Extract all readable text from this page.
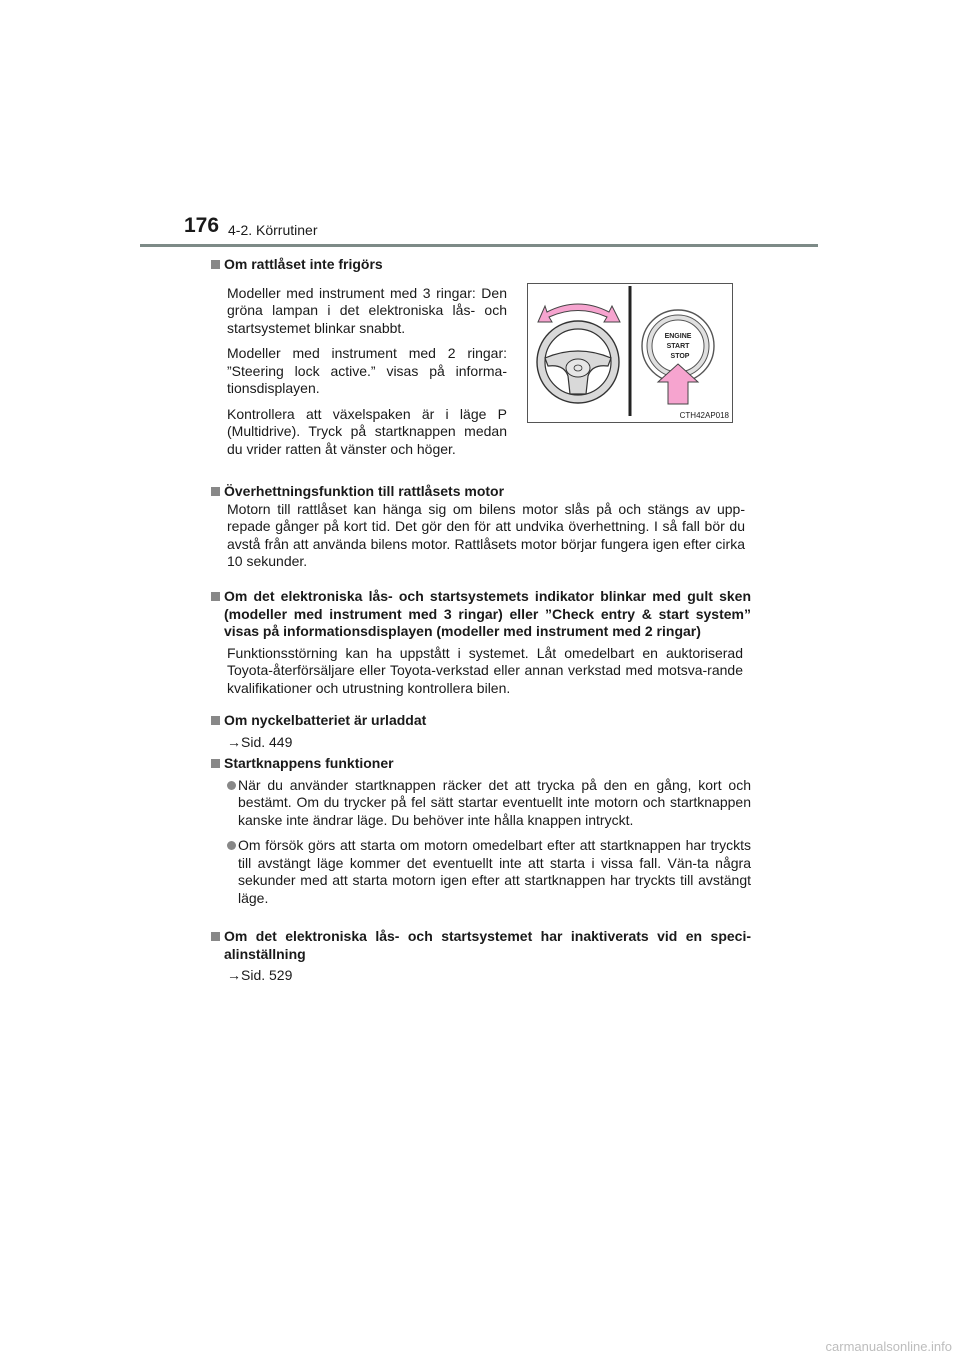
176 4-2. Körrutiner
Om rattlåset inte frigörs
Modeller med instrument med 3 ringar: Den gröna lampan i det elektroniska lås- och startsystemet blinkar snabbt.
Modeller med instrument med 2 ringar: ”Steering lock active.” visas på informa-tionsdisplayen.
Kontrollera att växelspaken är i läge P (Multidrive). Tryck på startknappen medan du vrider ratten åt vänster och höger.
ENGINE
START
STOP
CTH42AP018
Överhettningsfunktion till rattlåsets motor
Motorn till rattlåset kan hänga sig om bilens motor slås på och stängs av upp-repade gånger på kort tid. Det gör den för att undvika överhettning. I så fall bör du avstå från att använda bilens motor. Rattlåsets motor börjar fungera igen efter cirka 10 sekunder.
Om det elektroniska lås- och startsystemets indikator blinkar med gult sken (modeller med instrument med 3 ringar) eller ”Check entry & start system” visas på informationsdisplayen (modeller med instrument med 2 ringar)
Funktionsstörning kan ha uppstått i systemet. Låt omedelbart en auktoriserad Toyota-återförsäljare eller Toyota-verkstad eller annan verkstad med motsva-rande kvalifikationer och utrustning kontrollera bilen.
Om nyckelbatteriet är urladdat
→Sid. 449
Startknappens funktioner
När du använder startknappen räcker det att trycka på den en gång, kort och bestämt. Om du trycker på fel sätt startar eventuellt inte motorn och startknappen kanske inte ändrar läge. Du behöver inte hålla knappen intryckt.
Om försök görs att starta om motorn omedelbart efter att startknappen har tryckts till avstängt läge kommer det eventuellt inte att starta i vissa fall. Vän-ta några sekunder med att starta motorn igen efter att startknappen har tryckts till avstängt läge.
Om det elektroniska lås- och startsystemet har inaktiverats vid en speci-alinställning
→Sid. 529
carmanualsonline.info
